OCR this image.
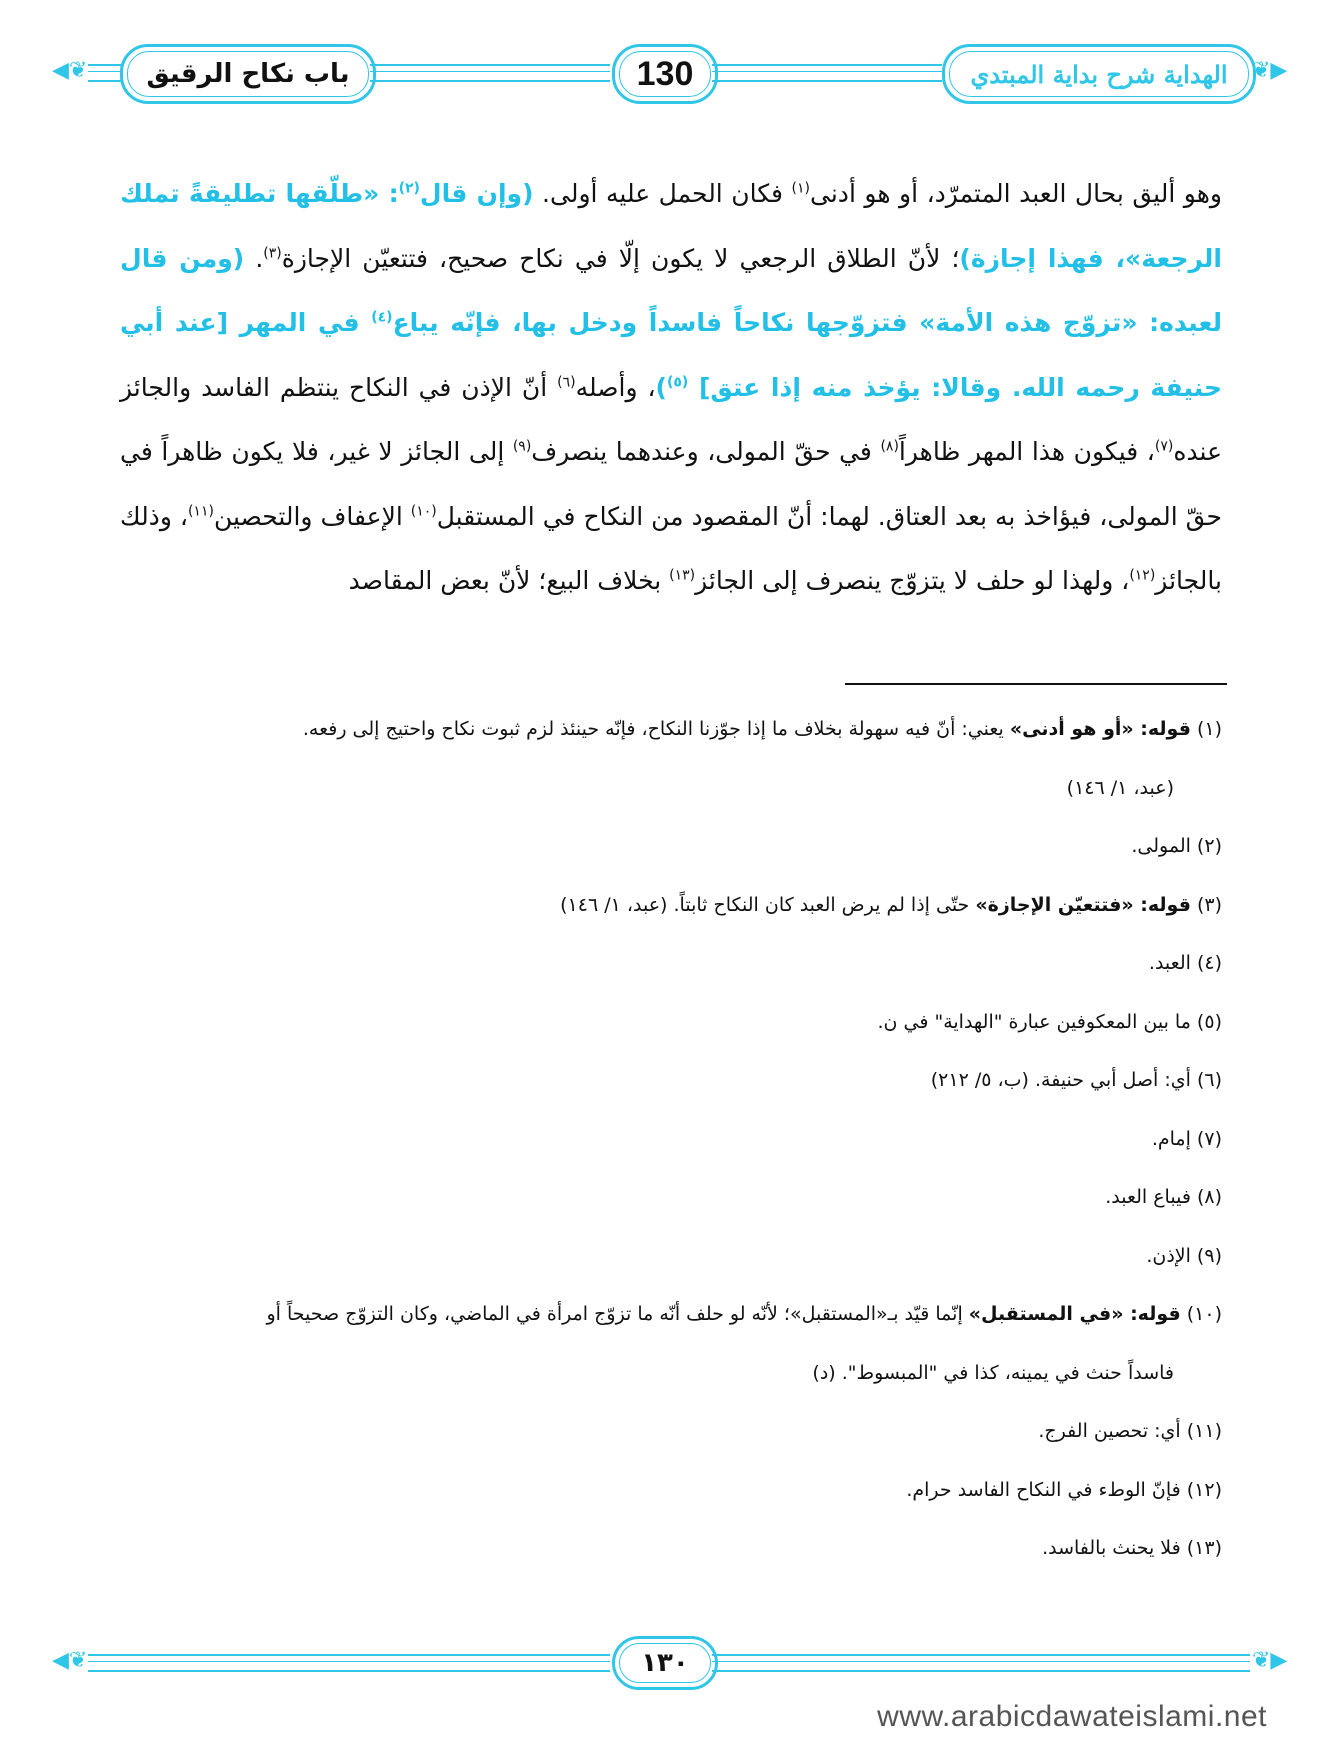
◀❦ باب نكاح الرقيق	130	الهداية شرح بداية المبتدي ❦▶
وهو أليق بحال العبد المتمرّد، أو هو أدنى$^{(١)}$ فكان الحمل عليه أولى. (وإن قال$^{(٢)}$: «طلّقها تطليقةً تملك الرجعة»، فهذا إجازة)؛ لأنّ الطلاق الرجعي لا يكون إلّا في نكاح صحيح، فتتعيّن الإجازة$^{(٣)}$. (ومن قال لعبده: «تزوّج هذه الأمة» فتزوّجها نكاحاً فاسداً ودخل بها، فإنّه يباع$^{(٤)}$ في المهر [عند أبي حنيفة رحمه الله. وقالا: يؤخذ منه إذا عتق] $^{(٥)}$)، وأصله$^{(٦)}$ أنّ الإذن في النكاح ينتظم الفاسد والجائز عنده$^{(٧)}$، فيكون هذا المهر ظاهراً$^{(٨)}$ في حقّ المولى، وعندهما ينصرف$^{(٩)}$ إلى الجائز لا غير، فلا يكون ظاهراً في حقّ المولى، فيؤاخذ به بعد العتاق. لهما: أنّ المقصود من النكاح في المستقبل$^{(١٠)}$ الإعفاف والتحصين$^{(١١)}$، وذلك بالجائز$^{(١٢)}$، ولهذا لو حلف لا يتزوّج ينصرف إلى الجائز$^{(١٣)}$ بخلاف البيع؛ لأنّ بعض المقاصد
(١) قوله: «أو هو أدنى» يعني: أنّ فيه سهولة بخلاف ما إذا جوّزنا النكاح، فإنّه حينئذ لزم ثبوت نكاح واحتيج إلى رفعه.
(عبد، ١/ ١٤٦)
(٢) المولى.
(٣) قوله: «فتتعيّن الإجازة» حتّى إذا لم يرض العبد كان النكاح ثابتاً. (عبد، ١/ ١٤٦)
(٤) العبد.
(٥) ما بين المعكوفين عبارة "الهداية" في ن.
(٦) أي: أصل أبي حنيفة. (ب، ٥/ ٢١٢)
(٧) إمام.
(٨) فيباع العبد.
(٩) الإذن.
(١٠) قوله: «في المستقبل» إنّما قيّد بـ«المستقبل»؛ لأنّه لو حلف أنّه ما تزوّج امرأة في الماضي، وكان التزوّج صحيحاً أو
فاسداً حنث في يمينه، كذا في "المبسوط". (د)
(١١) أي: تحصين الفرج.
(١٢) فإنّ الوطء في النكاح الفاسد حرام.
(١٣) فلا يحنث بالفاسد.
◀❦	١٣٠	❦▶
www.arabicdawateislami.net
